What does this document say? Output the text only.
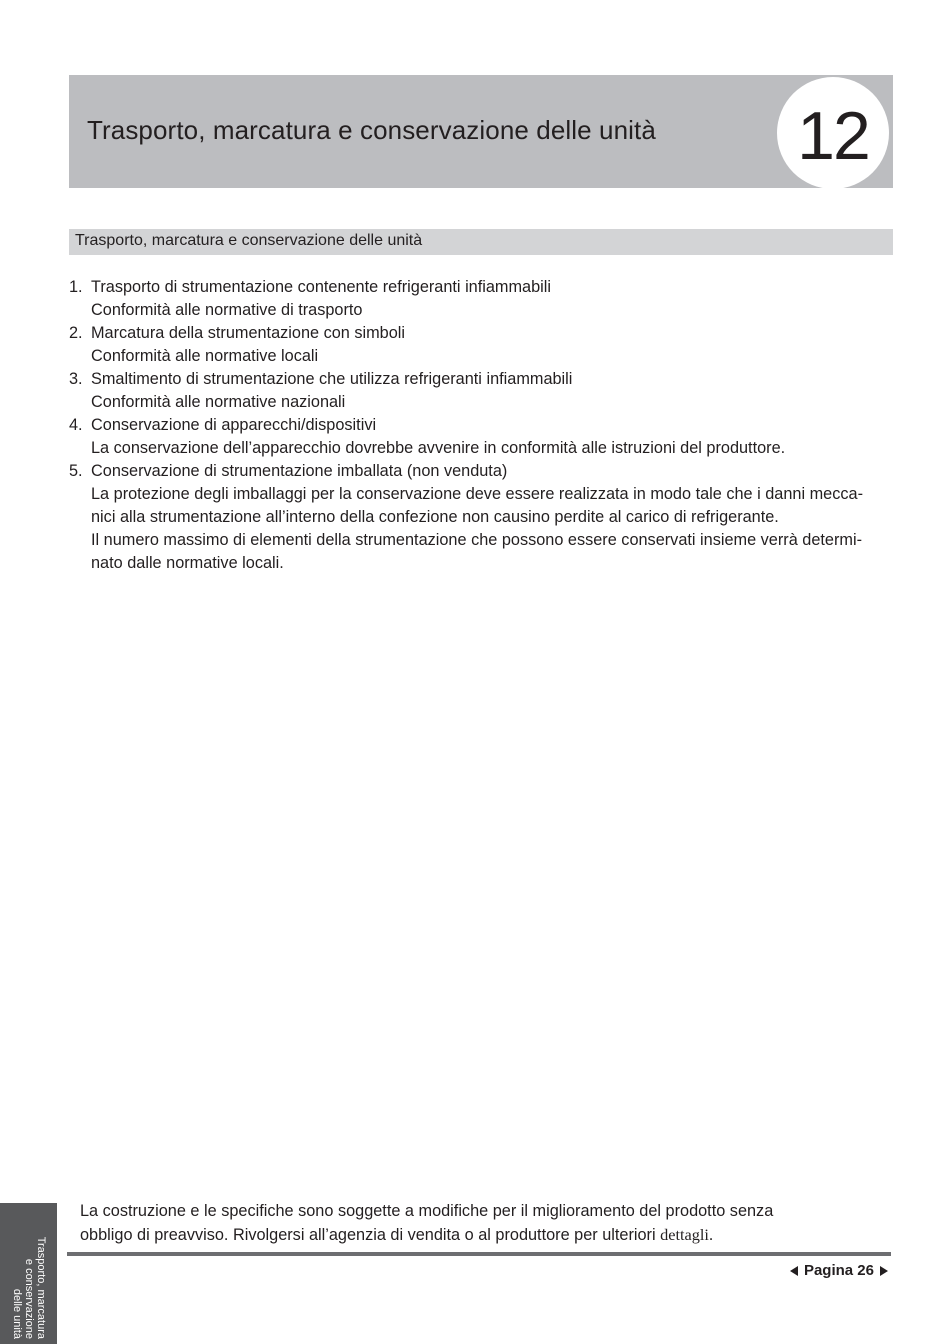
Trasporto, marcatura e conservazione delle unità 12
Trasporto, marcatura e conservazione delle unità
1. Trasporto di strumentazione contenente refrigeranti infiammabili
Conformità alle normative di trasporto
2. Marcatura della strumentazione con simboli
Conformità alle normative locali
3. Smaltimento di strumentazione che utilizza refrigeranti infiammabili
Conformità alle normative nazionali
4. Conservazione di apparecchi/dispositivi
La conservazione dell’apparecchio dovrebbe avvenire in conformità alle istruzioni del produttore.
5. Conservazione di strumentazione imballata (non venduta)
La protezione degli imballaggi per la conservazione deve essere realizzata in modo tale che i danni mecca-
nici alla strumentazione all’interno della confezione non causino perdite al carico di refrigerante.
Il numero massimo di elementi della strumentazione che possono essere conservati insieme verrà determi-
nato dalle normative locali.
La costruzione e le specifiche sono soggette a modifiche per il miglioramento del prodotto senza
obbligo di preavviso. Rivolgersi all’agenzia di vendita o al produttore per ulteriori dettagli.
Pagina 26
Trasporto, marcatura
e conservazione
delle unità
